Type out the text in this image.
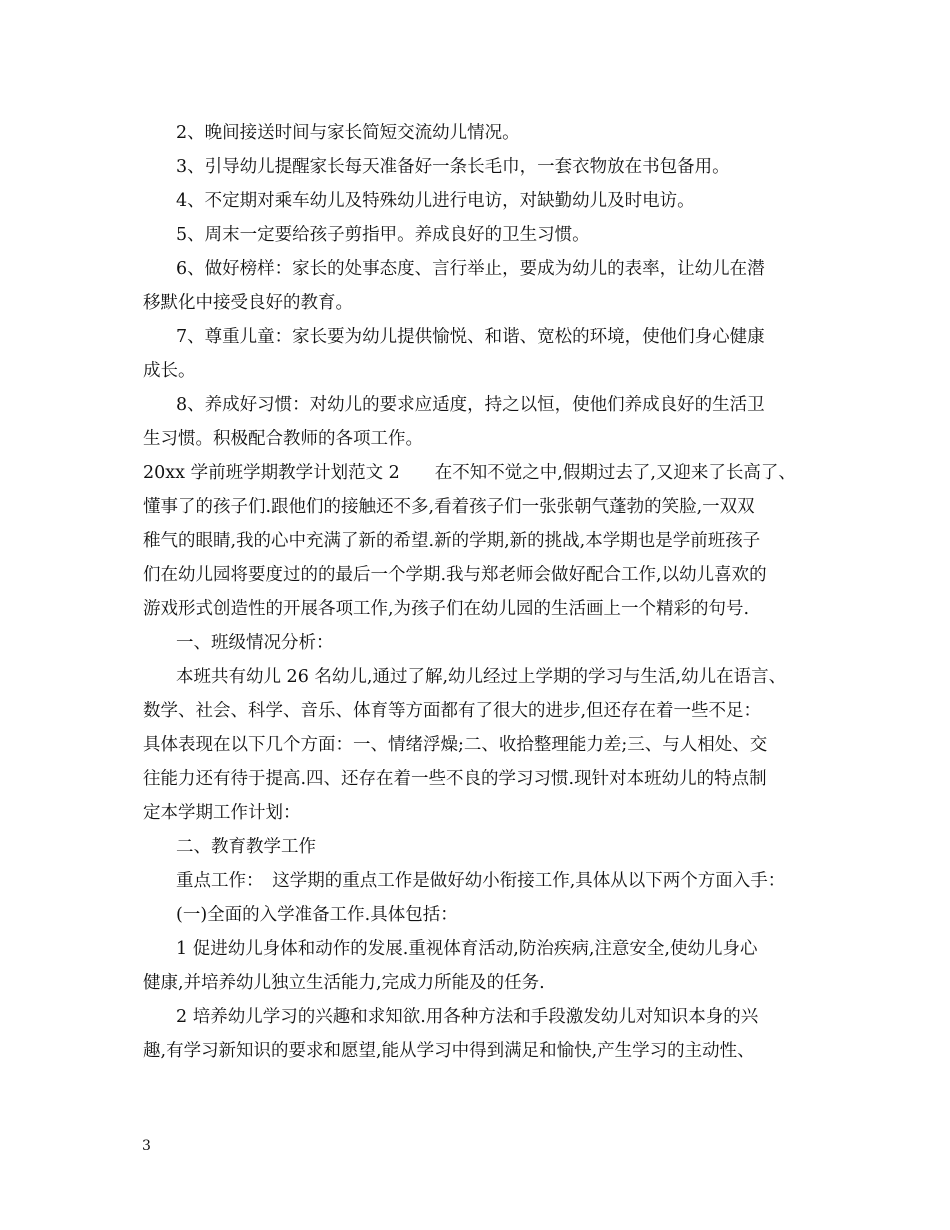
2、晚间接送时间与家长简短交流幼儿情况。
3、引导幼儿提醒家长每天准备好一条长毛巾，一套衣物放在书包备用。
4、不定期对乘车幼儿及特殊幼儿进行电访，对缺勤幼儿及时电访。
5、周末一定要给孩子剪指甲。养成良好的卫生习惯。
6、做好榜样：家长的处事态度、言行举止，要成为幼儿的表率，让幼儿在潜
移默化中接受良好的教育。
7、尊重儿童：家长要为幼儿提供愉悦、和谐、宽松的环境，使他们身心健康
成长。
8、养成好习惯：对幼儿的要求应适度，持之以恒，使他们养成良好的生活卫
生习惯。积极配合教师的各项工作。
20xx 学前班学期教学计划范文 2　　在不知不觉之中,假期过去了,又迎来了长高了、
懂事了的孩子们.跟他们的接触还不多,看着孩子们一张张朝气蓬勃的笑脸,一双双
稚气的眼睛,我的心中充满了新的希望.新的学期,新的挑战,本学期也是学前班孩子
们在幼儿园将要度过的的最后一个学期.我与郑老师会做好配合工作,以幼儿喜欢的
游戏形式创造性的开展各项工作,为孩子们在幼儿园的生活画上一个精彩的句号.
一、班级情况分析：
本班共有幼儿 26 名幼儿,通过了解,幼儿经过上学期的学习与生活,幼儿在语言、
数学、社会、科学、音乐、体育等方面都有了很大的进步,但还存在着一些不足：
具体表现在以下几个方面：一、情绪浮燥;二、收拾整理能力差;三、与人相处、交
往能力还有待于提高.四、还存在着一些不良的学习习惯.现针对本班幼儿的特点制
定本学期工作计划：
二、教育教学工作
重点工作：　这学期的重点工作是做好幼小衔接工作,具体从以下两个方面入手：
(一)全面的入学准备工作.具体包括：
1 促进幼儿身体和动作的发展.重视体育活动,防治疾病,注意安全,使幼儿身心
健康,并培养幼儿独立生活能力,完成力所能及的任务.
2 培养幼儿学习的兴趣和求知欲.用各种方法和手段激发幼儿对知识本身的兴
趣,有学习新知识的要求和愿望,能从学习中得到满足和愉快,产生学习的主动性、
3
